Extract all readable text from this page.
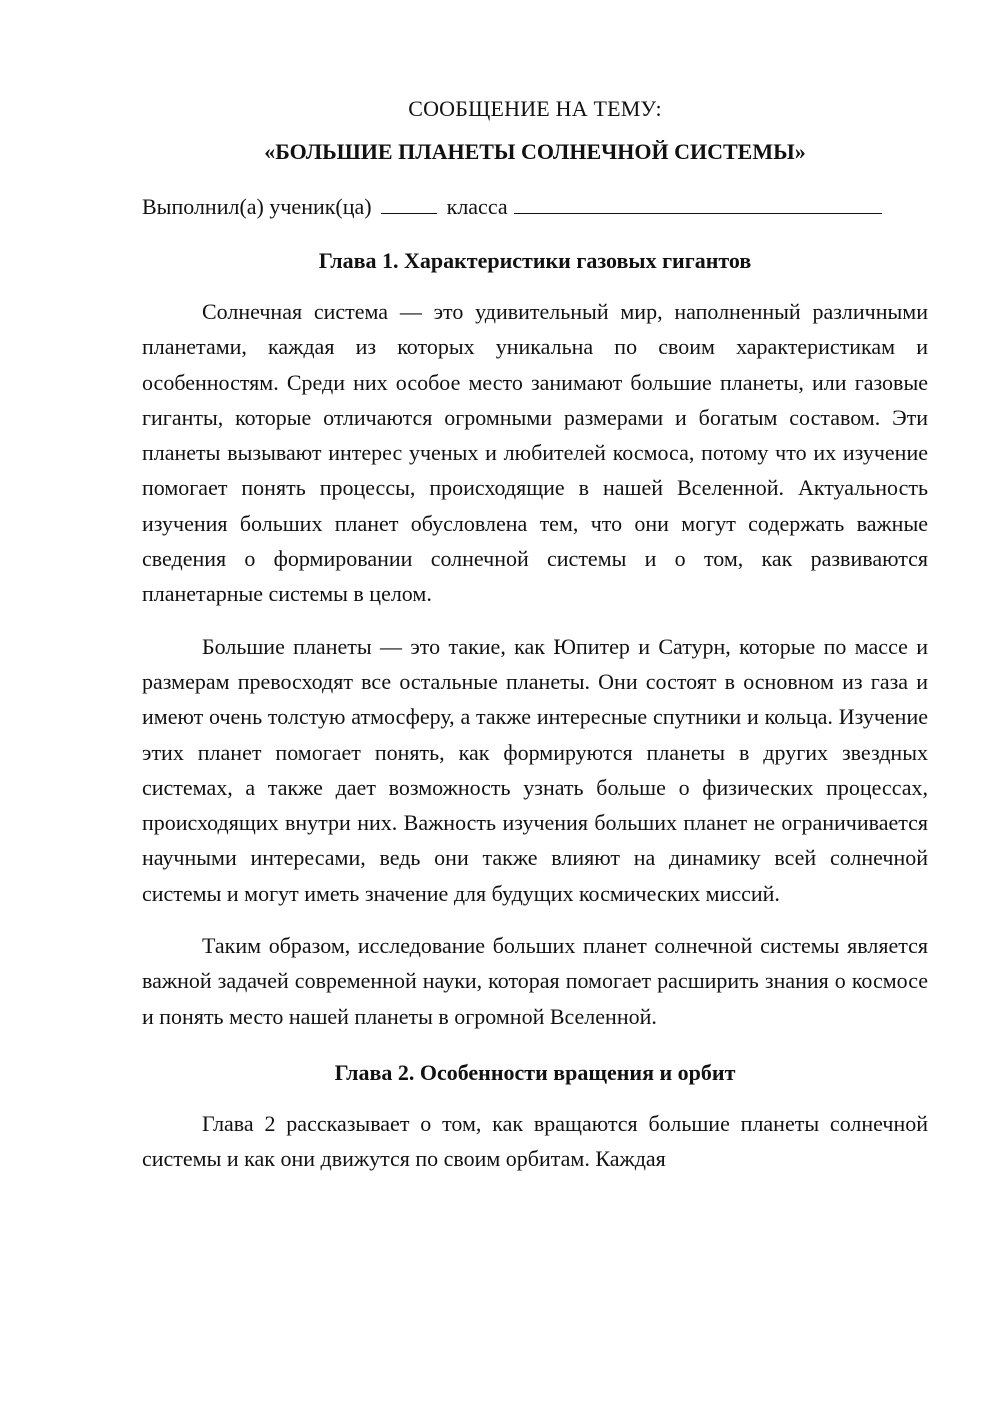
СООБЩЕНИЕ НА ТЕМУ:

«БОЛЬШИЕ ПЛАНЕТЫ СОЛНЕЧНОЙ СИСТЕМЫ»

Выполнил(а) ученик(ца)	класса

Глава 1. Характеристики газовых гигантов

Солнечная система — это удивительный мир, наполненный различными планетами, каждая из которых уникальна по своим характеристикам и особенностям. Среди них особое место занимают большие планеты, или газовые гиганты, которые отличаются огромными размерами и богатым составом. Эти планеты вызывают интерес ученых и любителей космоса, потому что их изучение помогает понять процессы, происходящие в нашей Вселенной. Актуальность изучения больших планет обусловлена тем, что они могут содержать важные сведения о формировании солнечной системы и о том, как развиваются планетарные системы в целом.

Большие планеты — это такие, как Юпитер и Сатурн, которые по массе и размерам превосходят все остальные планеты. Они состоят в основном из газа и имеют очень толстую атмосферу, а также интересные спутники и кольца. Изучение этих планет помогает понять, как формируются планеты в других звездных системах, а также дает возможность узнать больше о физических процессах, происходящих внутри них. Важность изучения больших планет не ограничивается научными интересами, ведь они также влияют на динамику всей солнечной системы и могут иметь значение для будущих космических миссий.

Таким образом, исследование больших планет солнечной системы является важной задачей современной науки, которая помогает расширить знания о космосе и понять место нашей планеты в огромной Вселенной.

Глава 2. Особенности вращения и орбит

Глава 2 рассказывает о том, как вращаются большие планеты солнечной системы и как они движутся по своим орбитам. Каждая
